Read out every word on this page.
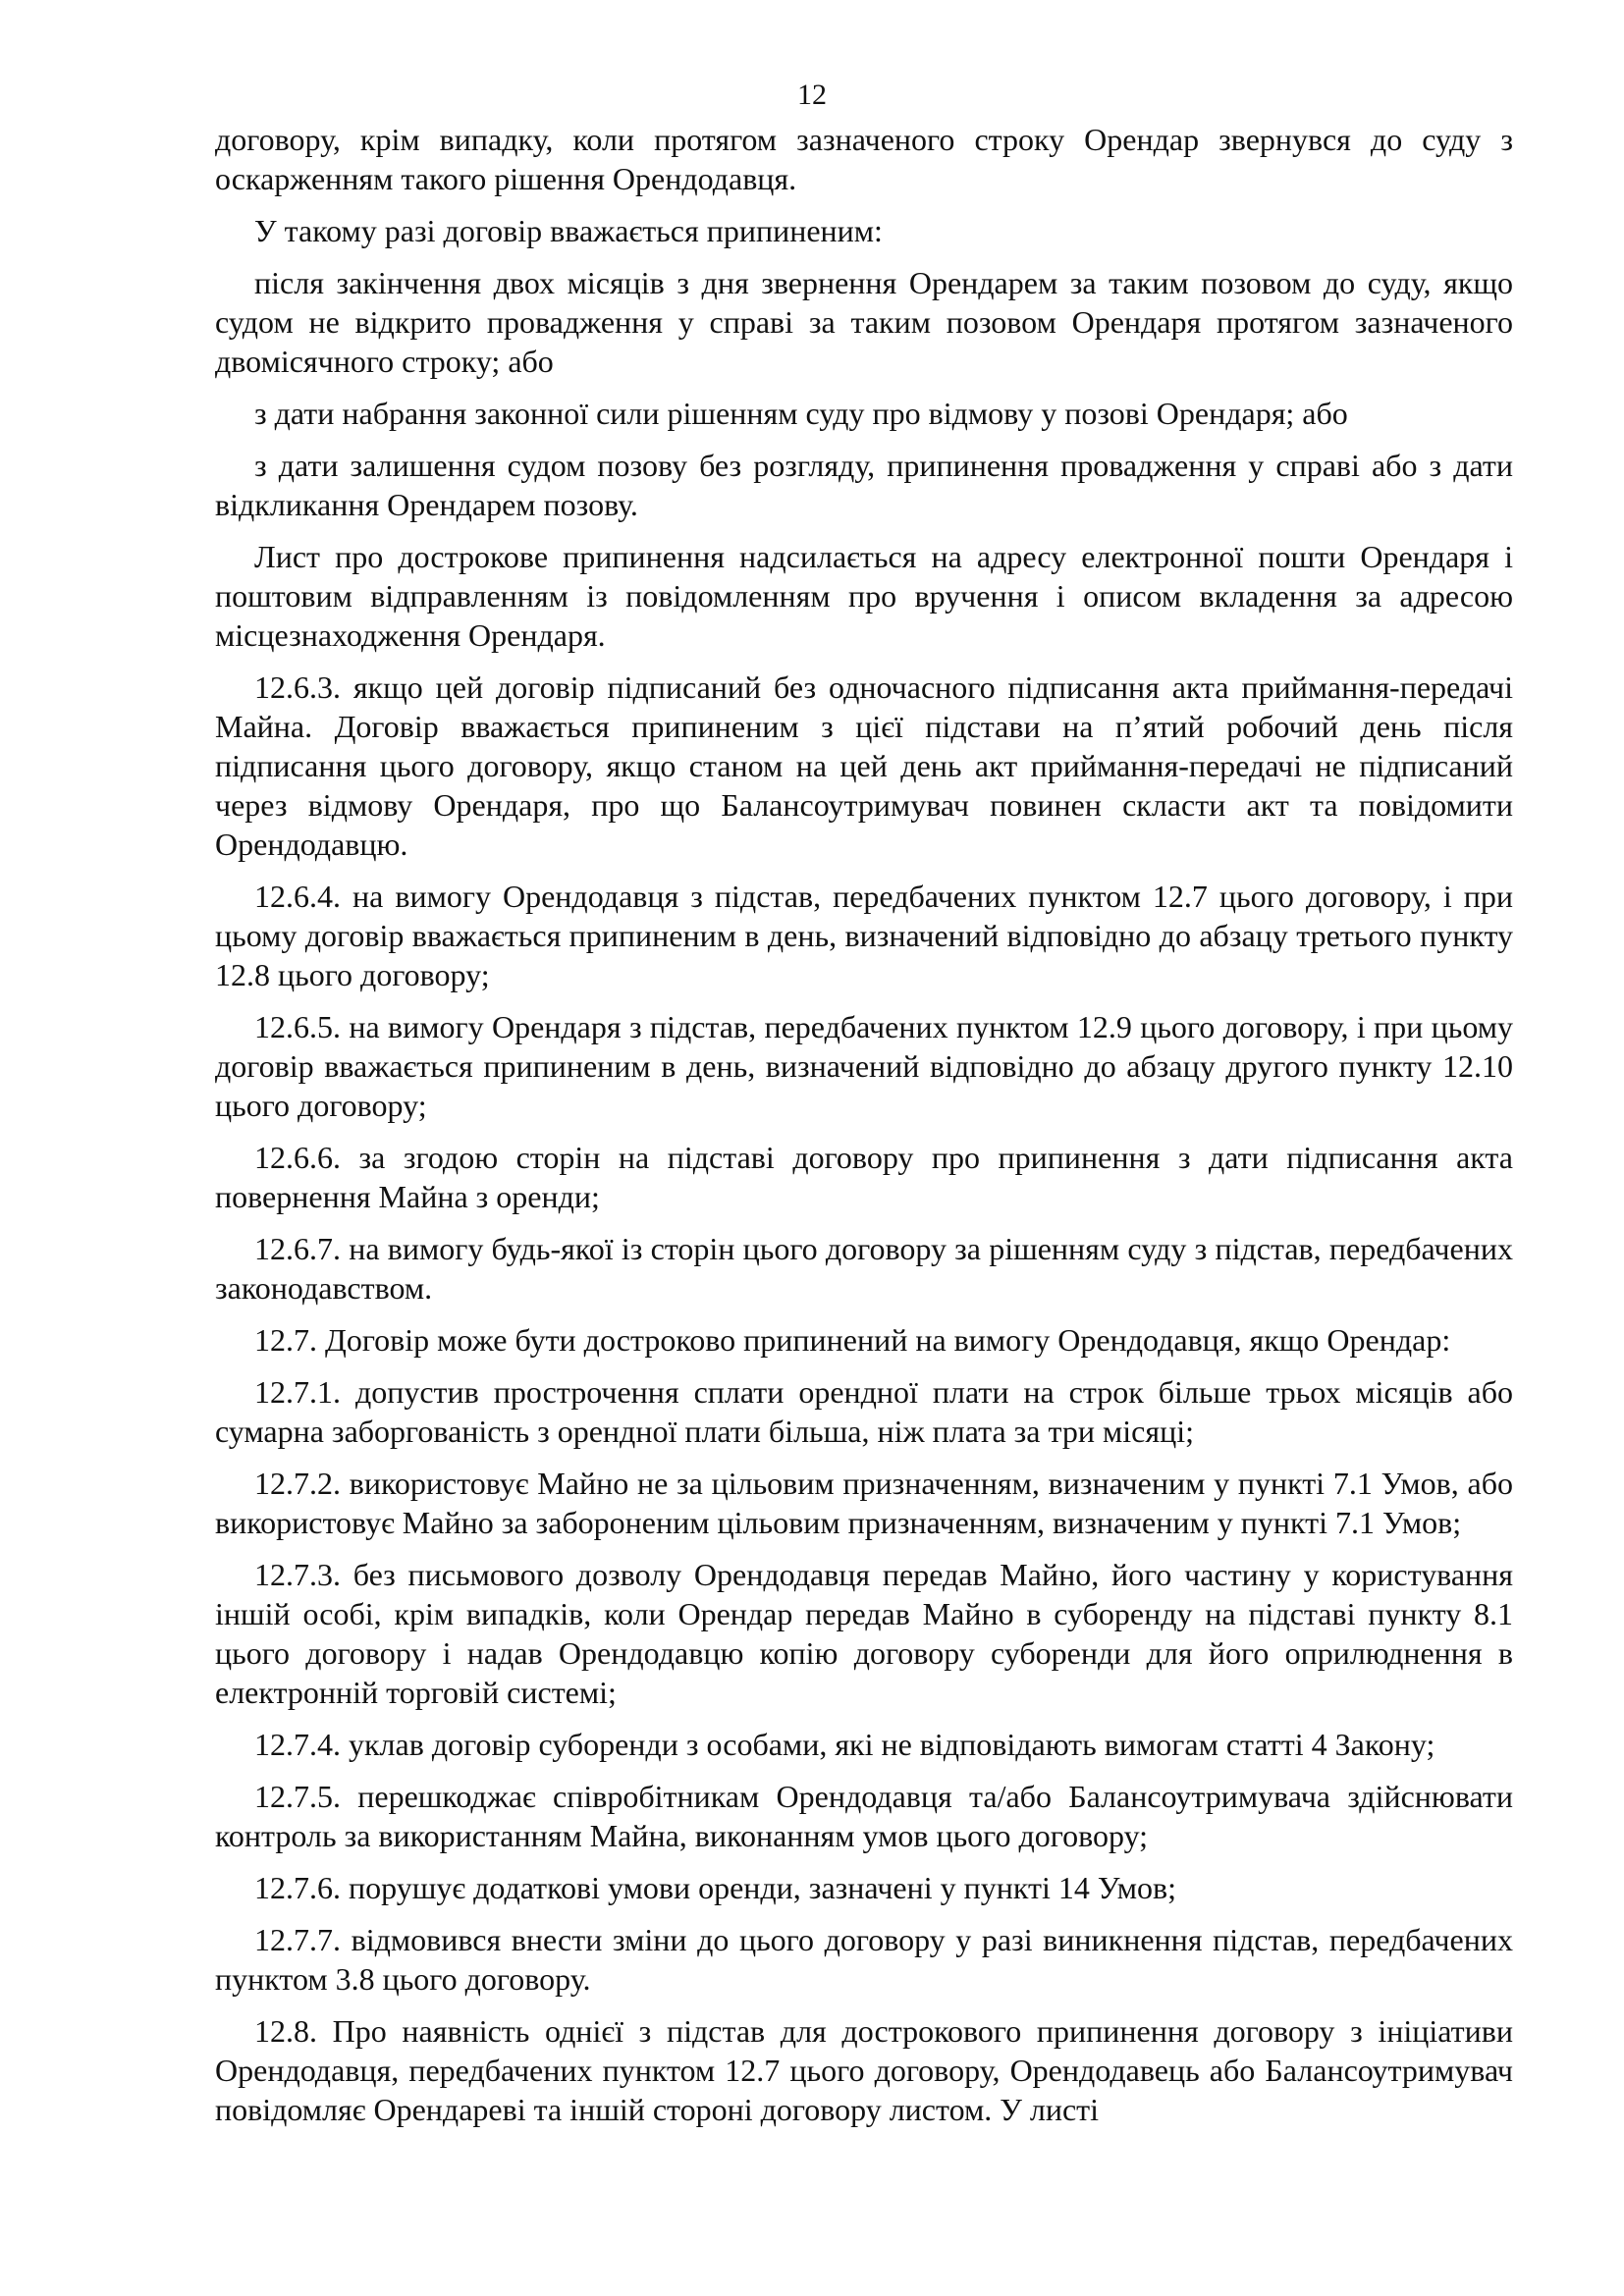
12

договору, крім випадку, коли протягом зазначеного строку Орендар звернувся до суду з оскарженням такого рішення Орендодавця.

У такому разі договір вважається припиненим:

після закінчення двох місяців з дня звернення Орендарем за таким позовом до суду, якщо судом не відкрито провадження у справі за таким позовом Орендаря протягом зазначеного двомісячного строку; або

з дати набрання законної сили рішенням суду про відмову у позові Орендаря; або

з дати залишення судом позову без розгляду, припинення провадження у справі або з дати відкликання Орендарем позову.

Лист про дострокове припинення надсилається на адресу електронної пошти Орендаря і поштовим відправленням із повідомленням про вручення і описом вкладення за адресою місцезнаходження Орендаря.

12.6.3. якщо цей договір підписаний без одночасного підписання акта приймання-передачі Майна. Договір вважається припиненим з цієї підстави на п’ятий робочий день після підписання цього договору, якщо станом на цей день акт приймання-передачі не підписаний через відмову Орендаря, про що Балансоутримувач повинен скласти акт та повідомити Орендодавцю.

12.6.4. на вимогу Орендодавця з підстав, передбачених пунктом 12.7 цього договору, і при цьому договір вважається припиненим в день, визначений відповідно до абзацу третього пункту 12.8 цього договору;

12.6.5. на вимогу Орендаря з підстав, передбачених пунктом 12.9 цього договору, і при цьому договір вважається припиненим в день, визначений відповідно до абзацу другого пункту 12.10 цього договору;

12.6.6. за згодою сторін на підставі договору про припинення з дати підписання акта повернення Майна з оренди;

12.6.7. на вимогу будь-якої із сторін цього договору за рішенням суду з підстав, передбачених законодавством.

12.7. Договір може бути достроково припинений на вимогу Орендодавця, якщо Орендар:

12.7.1. допустив прострочення сплати орендної плати на строк більше трьох місяців або сумарна заборгованість з орендної плати більша, ніж плата за три місяці;

12.7.2. використовує Майно не за цільовим призначенням, визначеним у пункті 7.1 Умов, або використовує Майно за забороненим цільовим призначенням, визначеним у пункті 7.1 Умов;

12.7.3. без письмового дозволу Орендодавця передав Майно, його частину у користування іншій особі, крім випадків, коли Орендар передав Майно в суборенду на підставі пункту 8.1 цього договору і надав Орендодавцю копію договору суборенди для його оприлюднення в електронній торговій системі;

12.7.4. уклав договір суборенди з особами, які не відповідають вимогам статті 4 Закону;

12.7.5. перешкоджає співробітникам Орендодавця та/або Балансоутримувача здійснювати контроль за використанням Майна, виконанням умов цього договору;

12.7.6. порушує додаткові умови оренди, зазначені у пункті 14 Умов;

12.7.7. відмовився внести зміни до цього договору у разі виникнення підстав, передбачених пунктом 3.8 цього договору.

12.8. Про наявність однієї з підстав для дострокового припинення договору з ініціативи Орендодавця, передбачених пунктом 12.7 цього договору, Орендодавець або Балансоутримувач повідомляє Орендареві та іншій стороні договору листом. У листі
